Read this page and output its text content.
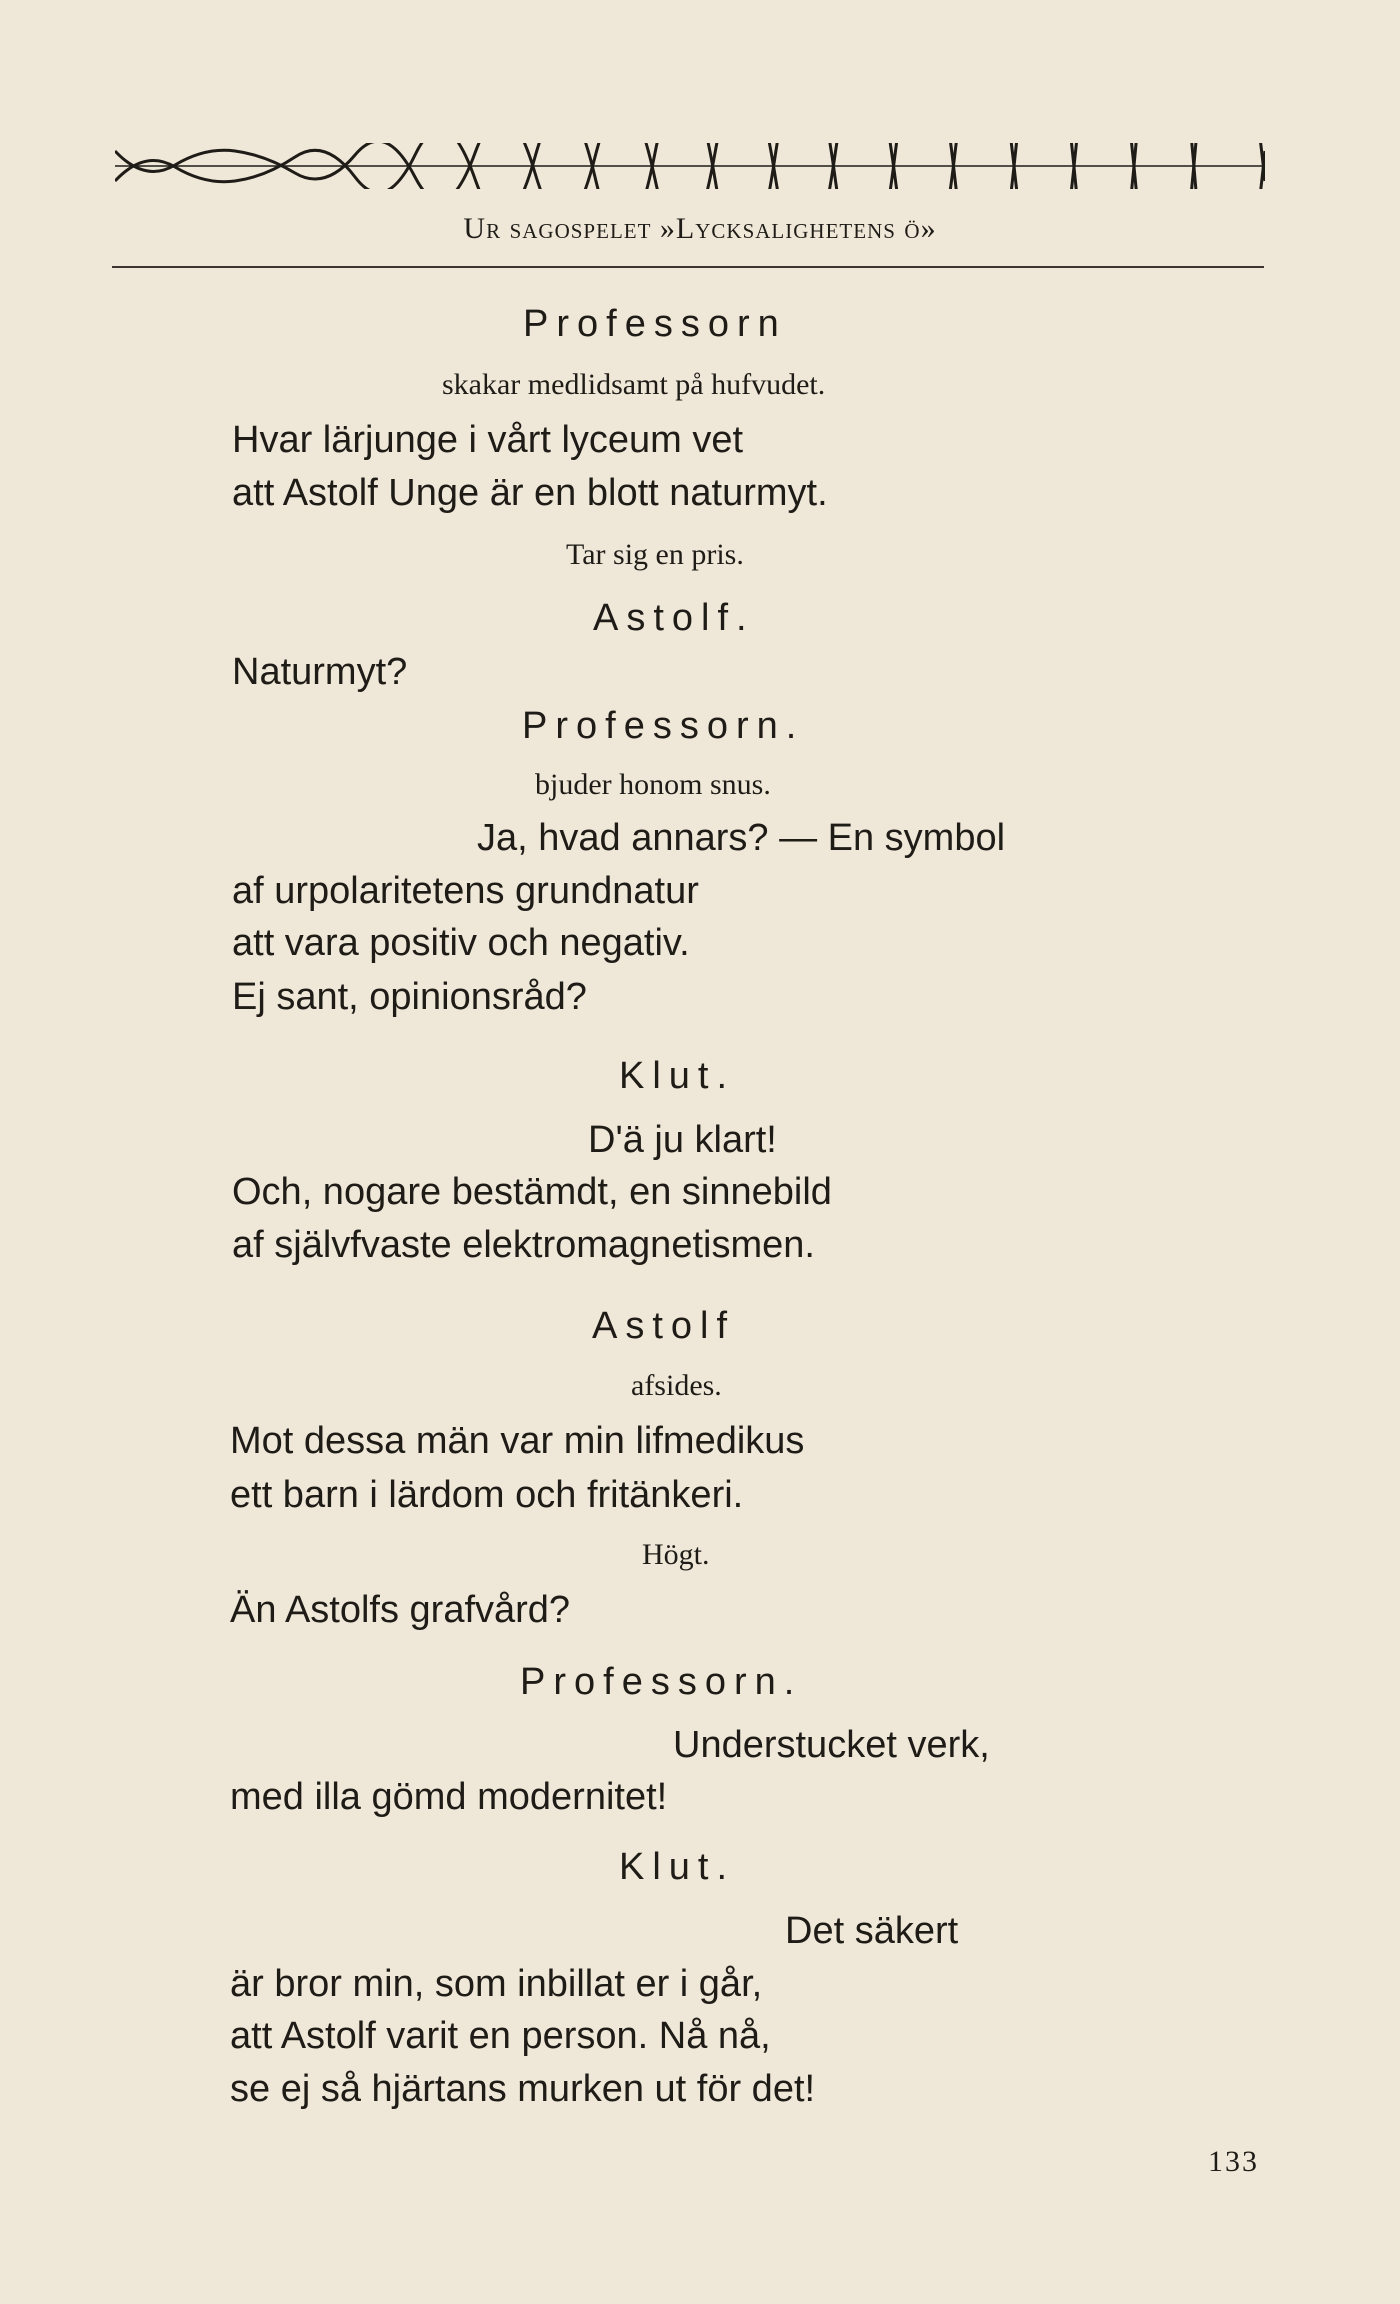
Ur sagospelet »Lycksalighetens ö»
Professorn
skakar medlidsamt på hufvudet.
Hvar lärjunge i vårt lyceum vet
att Astolf Unge är en blott naturmyt.
Tar sig en pris.
Astolf.
Naturmyt?
Professorn.
bjuder honom snus.
Ja, hvad annars? — En symbol
af urpolaritetens grundnatur
att vara positiv och negativ.
Ej sant, opinionsråd?
Klut.
D'ä ju klart!
Och, nogare bestämdt, en sinnebild
af självfvaste elektromagnetismen.
Astolf
afsides.
Mot dessa män var min lifmedikus
ett barn i lärdom och fritänkeri.
Högt.
Än Astolfs grafvård?
Professorn.
Understucket verk,
med illa gömd modernitet!
Klut.
Det säkert
är bror min, som inbillat er i går,
att Astolf varit en person. Nå nå,
se ej så hjärtans murken ut för det!
133
